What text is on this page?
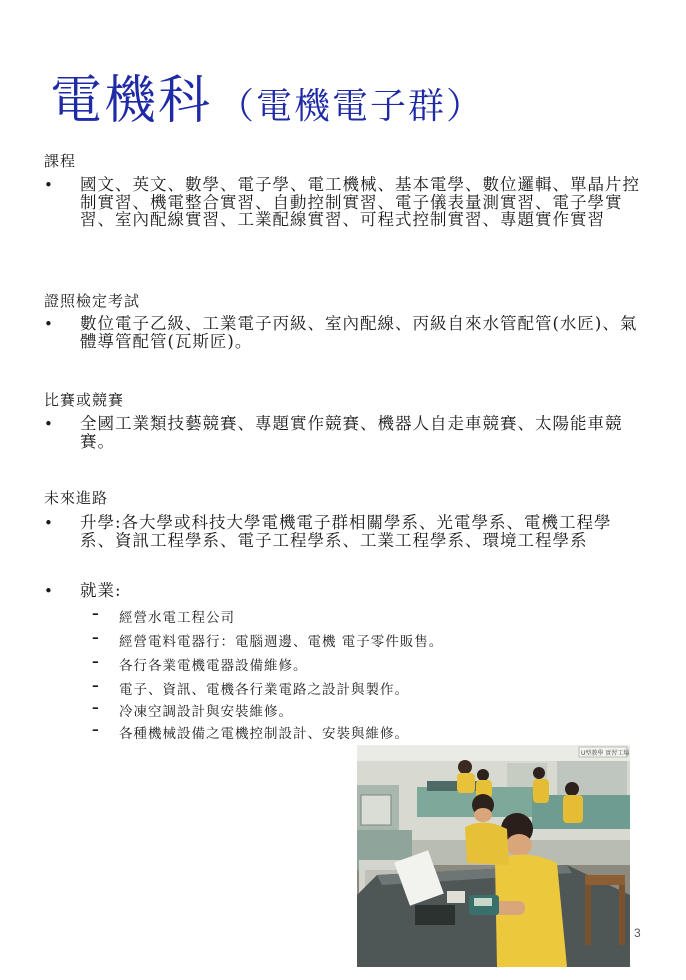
電機科 （電機電子群）
課程
•	國文、英文、數學、電子學、電工機械、基本電學、數位邏輯、單晶片控制實習、機電整合實習、自動控制實習、電子儀表量測實習、電子學實習、室內配線實習、工業配線實習、可程式控制實習、專題實作實習
證照檢定考試
•	數位電子乙級、工業電子丙級、室內配線、丙級自來水管配管(水匠)、氣體導管配管(瓦斯匠)。
比賽或競賽
•	全國工業類技藝競賽、專題實作競賽、機器人自走車競賽、太陽能車競賽。
未來進路
•	升學:各大學或科技大學電機電子群相關學系、光電學系、電機工程學系、資訊工程學系、電子工程學系、工業工程學系、環境工程學系
•	就業:
–	經營水電工程公司
–	經營電料電器行：電腦週邊、電機 電子零件販售。
–	各行各業電機電器設備維修。
–	電子、資訊、電機各行業電路之設計與製作。
–	冷凍空調設計與安裝維修。
–	各種機械設備之電機控制設計、安裝與維修。
U型教學 實習工場
3
